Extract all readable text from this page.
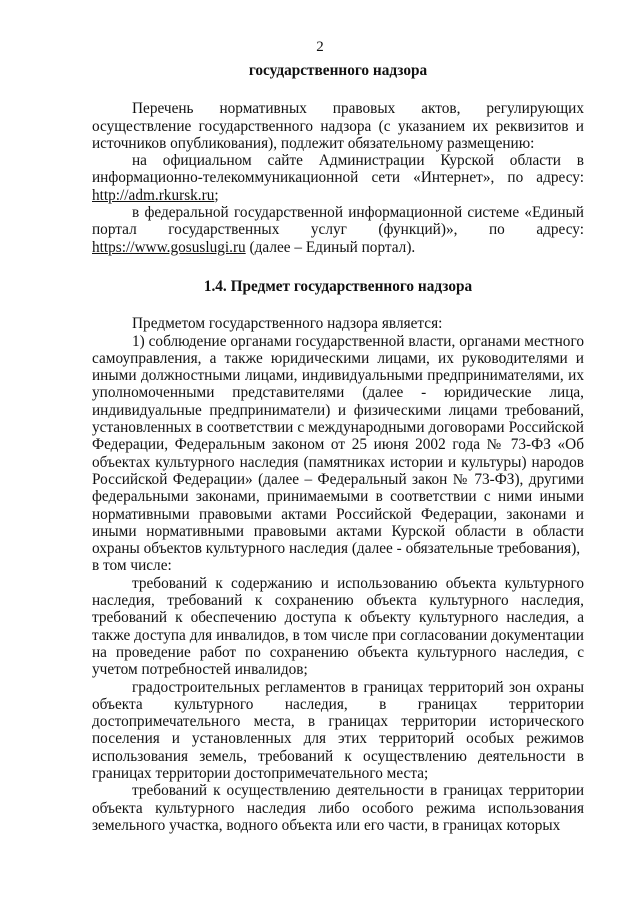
2

государственного надзора

Перечень нормативных правовых актов, регулирующих осуществление государственного надзора (с указанием их реквизитов и источников опубликования), подлежит обязательному размещению:

на официальном сайте Администрации Курской области в информационно-телекоммуникационной сети «Интернет», по адресу: http://adm.rkursk.ru;

в федеральной государственной информационной системе «Единый портал государственных услуг (функций)», по адресу: https://www.gosuslugi.ru (далее – Единый портал).

1.4. Предмет государственного надзора

Предметом государственного надзора является:

1) соблюдение органами государственной власти, органами местного самоуправления, а также юридическими лицами, их руководителями и иными должностными лицами, индивидуальными предпринимателями, их уполномоченными представителями (далее - юридические лица, индивидуальные предприниматели) и физическими лицами требований, установленных в соответствии с международными договорами Российской Федерации, Федеральным законом от 25 июня 2002 года № 73-ФЗ «Об объектах культурного наследия (памятниках истории и культуры) народов Российской Федерации» (далее – Федеральный закон № 73-ФЗ), другими федеральными законами, принимаемыми в соответствии с ними иными нормативными правовыми актами Российской Федерации, законами и иными нормативными правовыми актами Курской области в области охраны объектов культурного наследия (далее - обязательные требования),

в том числе:

требований к содержанию и использованию объекта культурного наследия, требований к сохранению объекта культурного наследия, требований к обеспечению доступа к объекту культурного наследия, а также доступа для инвалидов, в том числе при согласовании документации на проведение работ по сохранению объекта культурного наследия, с учетом потребностей инвалидов;

градостроительных регламентов в границах территорий зон охраны объекта культурного наследия, в границах территории достопримечательного места, в границах территории исторического поселения и установленных для этих территорий особых режимов использования земель, требований к осуществлению деятельности в границах территории достопримечательного места;

требований к осуществлению деятельности в границах территории объекта культурного наследия либо особого режима использования земельного участка, водного объекта или его части, в границах которых
